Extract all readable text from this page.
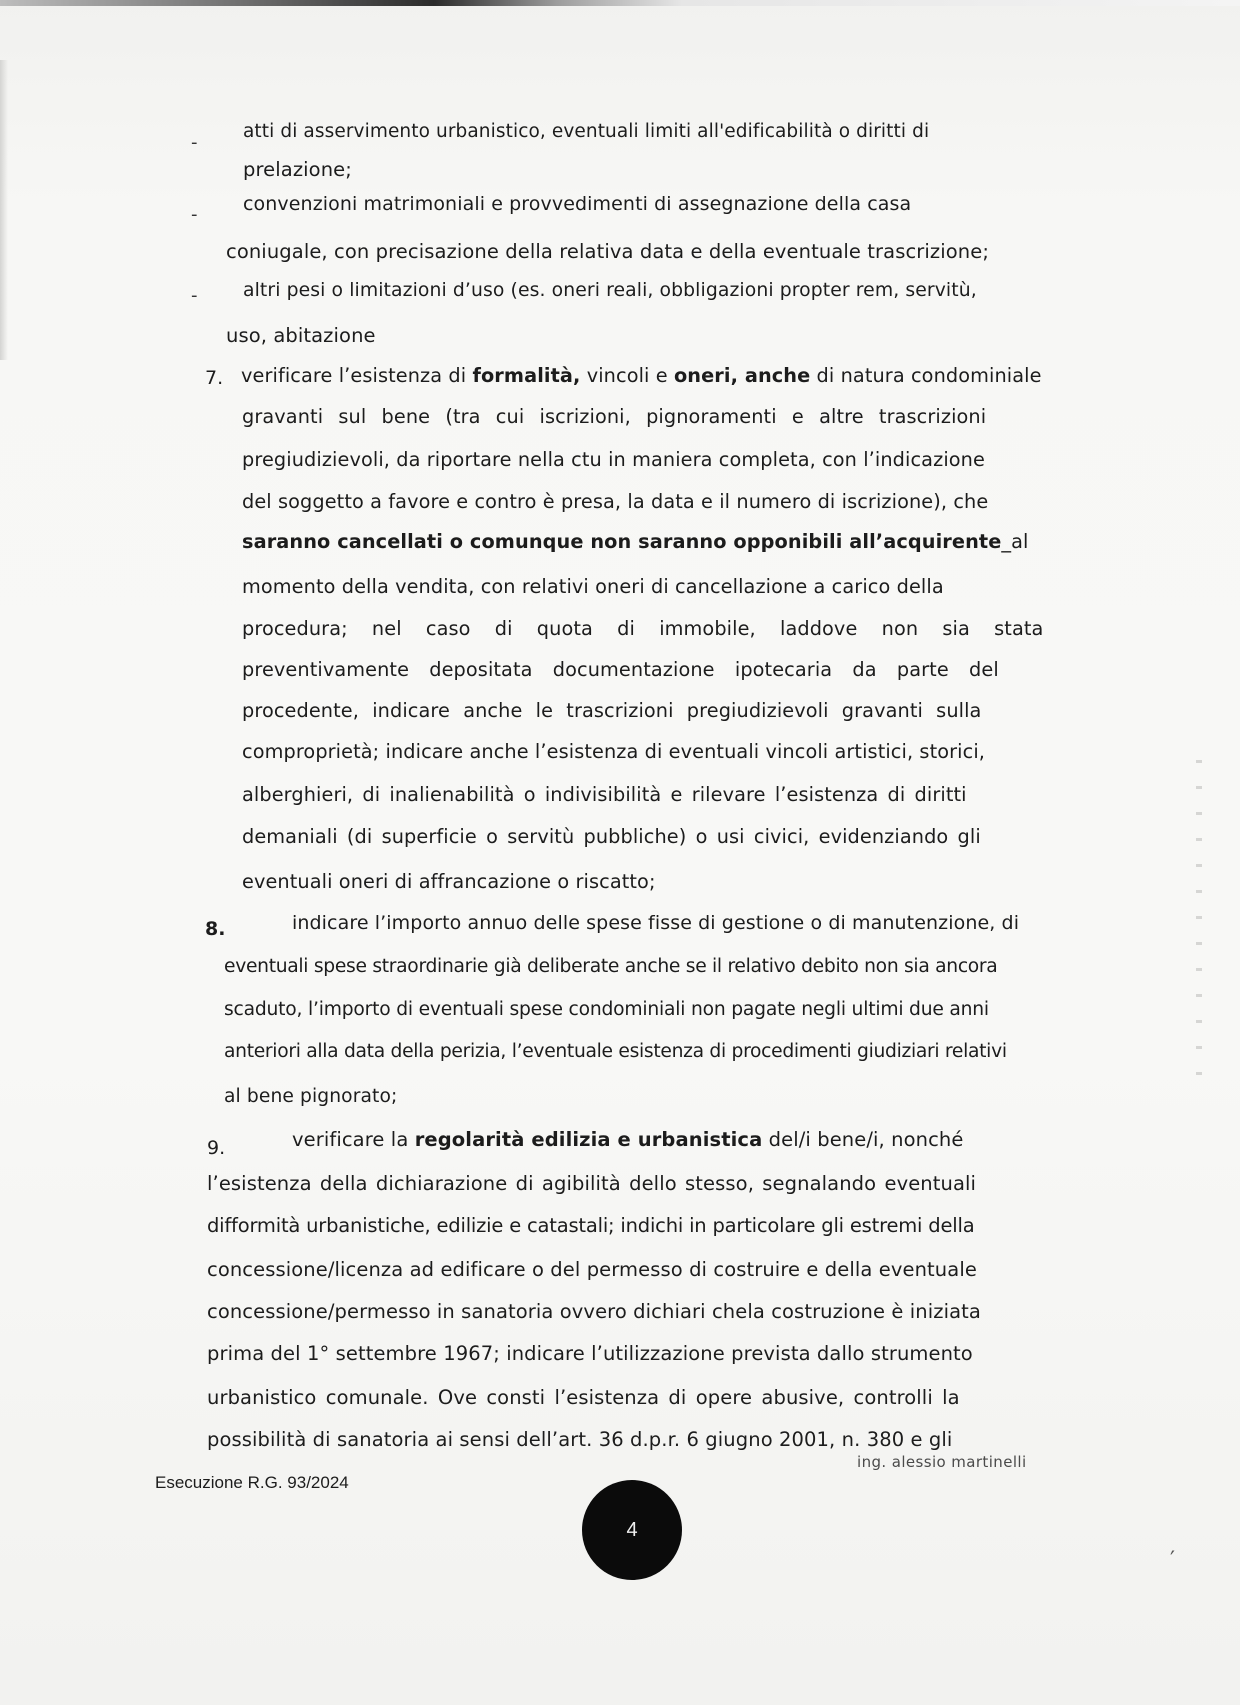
-
-
-
atti di asservimento urbanistico, eventuali limiti all'edificabilità o diritti di
prelazione;
convenzioni matrimoniali e provvedimenti di assegnazione della casa
coniugale, con precisazione della relativa data e della eventuale trascrizione;
altri pesi o limitazioni d’uso (es. oneri reali, obbligazioni propter rem, servitù,
uso, abitazione
7. verificare l’esistenza di formalità, vincoli e oneri, anche di natura condominiale
gravanti sul bene (tra cui iscrizioni, pignoramenti e altre trascrizioni
pregiudizievoli, da riportare nella ctu in maniera completa, con l’indicazione
del soggetto a favore e contro è presa, la data e il numero di iscrizione), che
saranno cancellati o comunque non saranno opponibili all’acquirente_al
momento della vendita, con relativi oneri di cancellazione a carico della
procedura; nel caso di quota di immobile, laddove non sia stata
preventivamente depositata documentazione ipotecaria da parte del
procedente, indicare anche le trascrizioni pregiudizievoli gravanti sulla
comproprietà; indicare anche l’esistenza di eventuali vincoli artistici, storici,
alberghieri, di inalienabilità o indivisibilità e rilevare l’esistenza di diritti
demaniali (di superficie o servitù pubbliche) o usi civici, evidenziando gli
eventuali oneri di affrancazione o riscatto;
8.	indicare l’importo annuo delle spese fisse di gestione o di manutenzione, di
eventuali spese straordinarie già deliberate anche se il relativo debito non sia ancora
scaduto, l’importo di eventuali spese condominiali non pagate negli ultimi due anni
anteriori alla data della perizia, l’eventuale esistenza di procedimenti giudiziari relativi
al bene pignorato;
9.	verificare la regolarità edilizia e urbanistica del/i bene/i, nonché
l’esistenza della dichiarazione di agibilità dello stesso, segnalando eventuali
difformità urbanistiche, edilizie e catastali; indichi in particolare gli estremi della
concessione/licenza ad edificare o del permesso di costruire e della eventuale
concessione/permesso in sanatoria ovvero dichiari chela costruzione è iniziata
prima del 1° settembre 1967; indicare l’utilizzazione prevista dallo strumento
urbanistico comunale. Ove consti l’esistenza di opere abusive, controlli la
possibilità di sanatoria ai sensi dell’art. 36 d.p.r. 6 giugno 2001, n. 380 e gli
Esecuzione R.G. 93/2024
ing. alessio martinelli
4
′
